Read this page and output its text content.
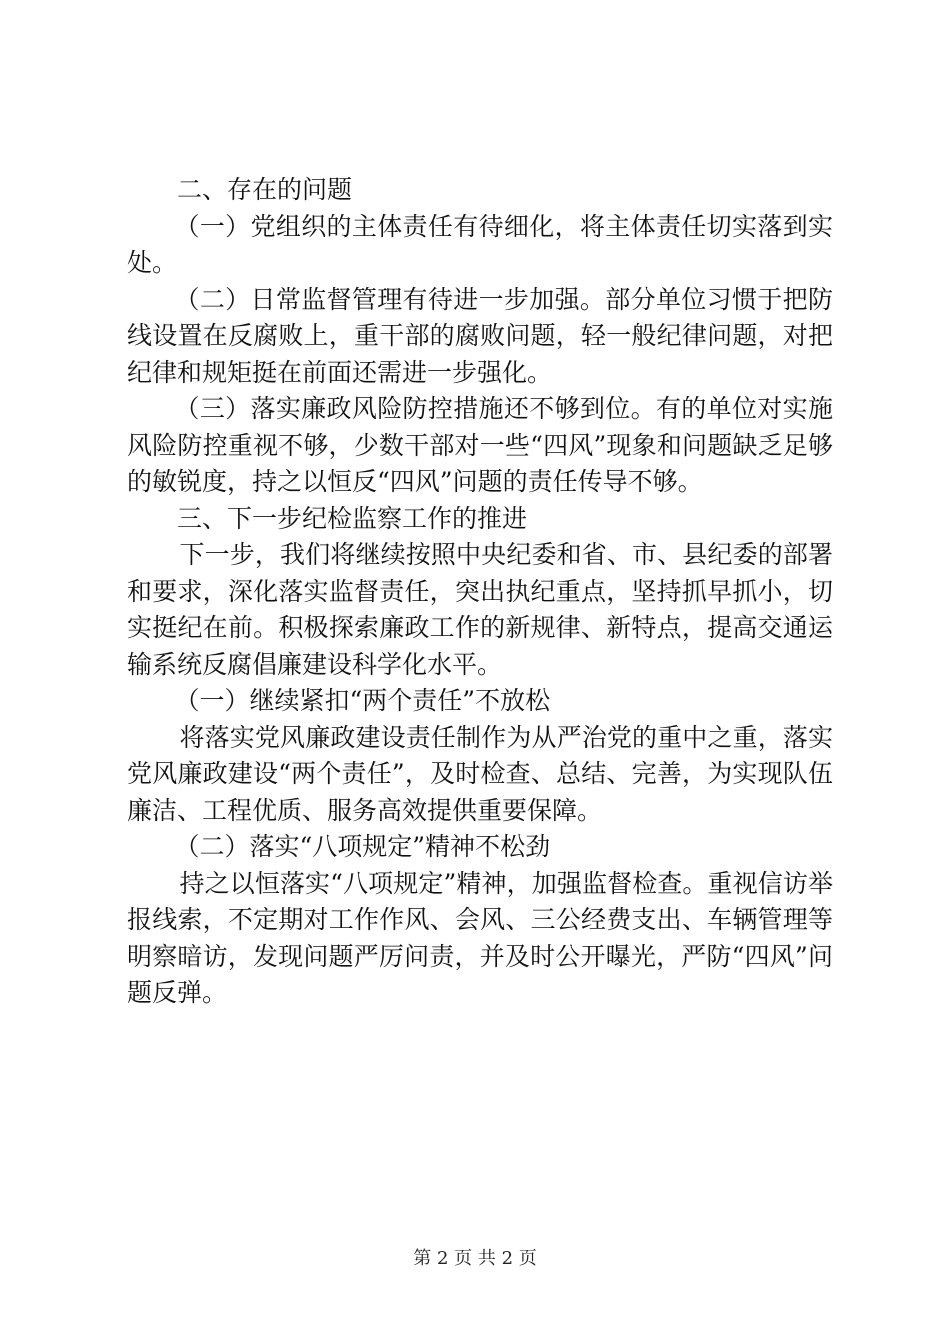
二、存在的问题

（一）党组织的主体责任有待细化，将主体责任切实落到实处。

（二）日常监督管理有待进一步加强。部分单位习惯于把防线设置在反腐败上，重干部的腐败问题，轻一般纪律问题，对把纪律和规矩挺在前面还需进一步强化。

（三）落实廉政风险防控措施还不够到位。有的单位对实施风险防控重视不够，少数干部对一些“四风”现象和问题缺乏足够的敏锐度，持之以恒反“四风”问题的责任传导不够。

三、下一步纪检监察工作的推进

下一步，我们将继续按照中央纪委和省、市、县纪委的部署和要求，深化落实监督责任，突出执纪重点，坚持抓早抓小，切实挺纪在前。积极探索廉政工作的新规律、新特点，提高交通运输系统反腐倡廉建设科学化水平。

（一）继续紧扣“两个责任”不放松

将落实党风廉政建设责任制作为从严治党的重中之重，落实党风廉政建设“两个责任”，及时检查、总结、完善，为实现队伍廉洁、工程优质、服务高效提供重要保障。

（二）落实“八项规定”精神不松劲

持之以恒落实“八项规定”精神，加强监督检查。重视信访举报线索，不定期对工作作风、会风、三公经费支出、车辆管理等明察暗访，发现问题严厉问责，并及时公开曝光，严防“四风”问题反弹。

第 2 页 共 2 页
